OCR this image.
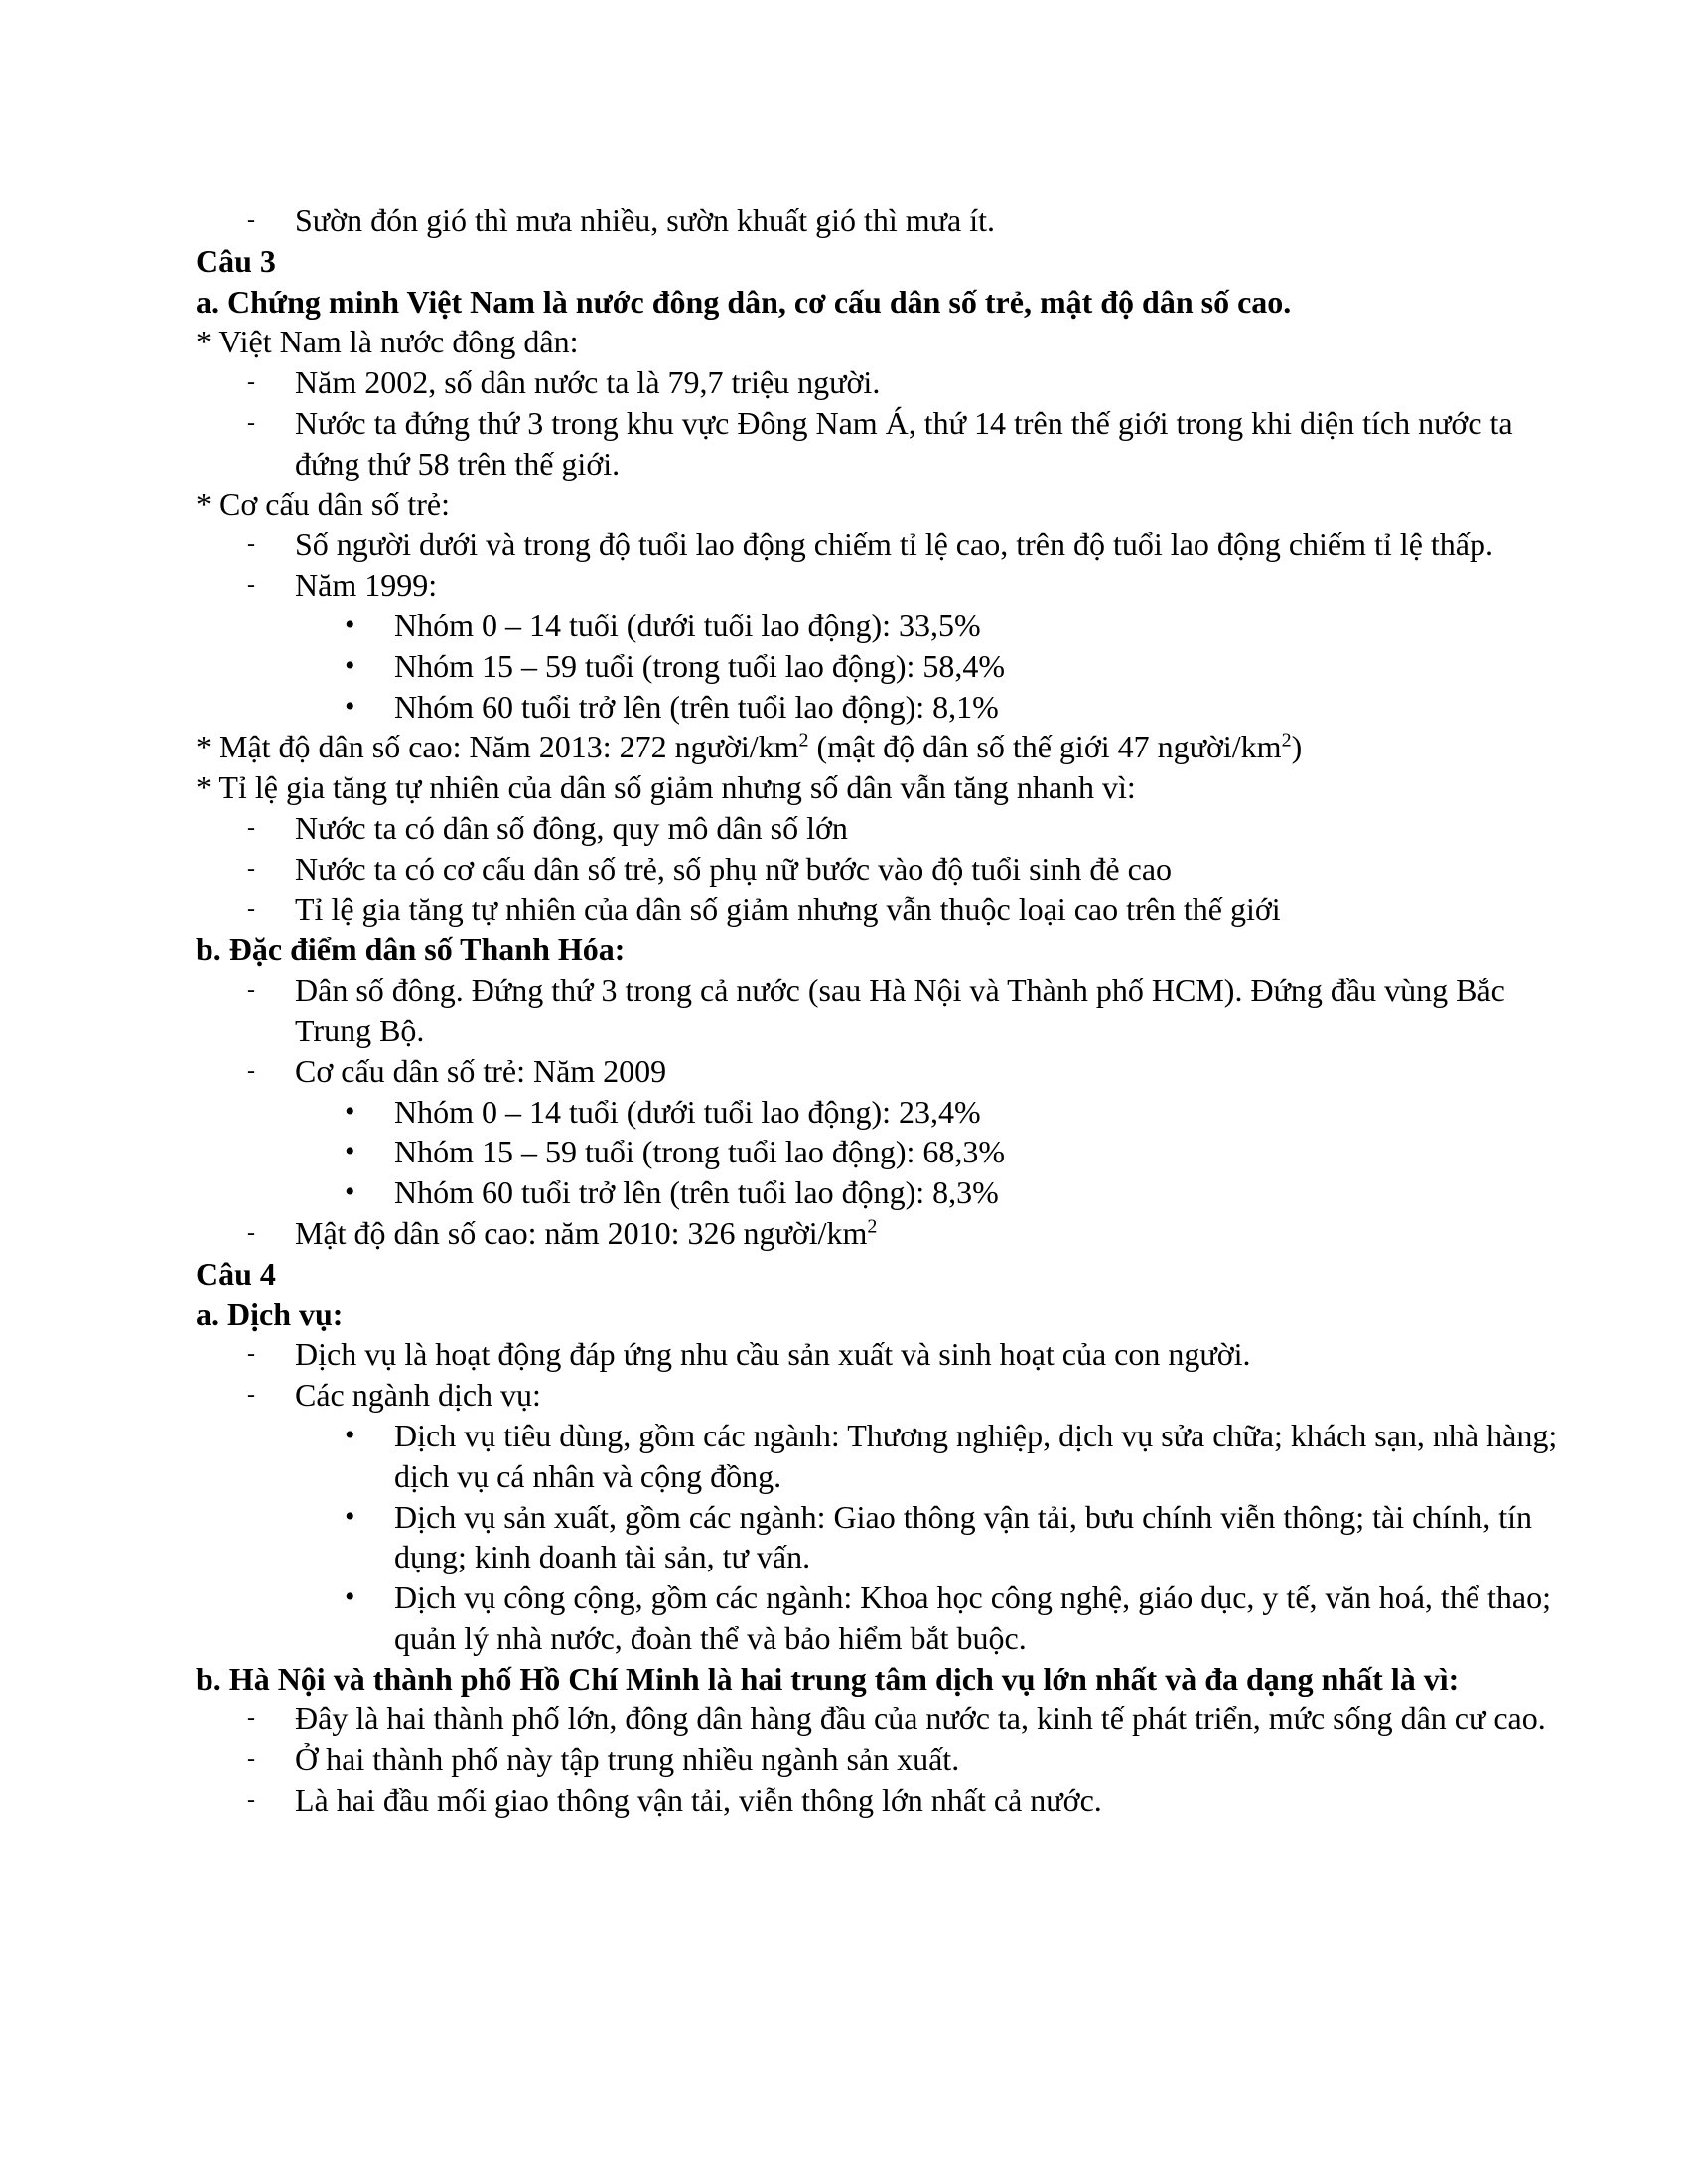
- Sườn đón gió thì mưa nhiều, sườn khuất gió thì mưa ít.

Câu 3

a. Chứng minh Việt Nam là nước đông dân, cơ cấu dân số trẻ, mật độ dân số cao.

* Việt Nam là nước đông dân:

- Năm 2002, số dân nước ta là 79,7 triệu người.

- Nước ta đứng thứ 3 trong khu vực Đông Nam Á, thứ 14 trên thế giới trong khi diện tích nước ta đứng thứ 58 trên thế giới.

* Cơ cấu dân số trẻ:

- Số người dưới và trong độ tuổi lao động chiếm tỉ lệ cao, trên độ tuổi lao động chiếm tỉ lệ thấp.

- Năm 1999:

• Nhóm 0 – 14 tuổi (dưới tuổi lao động): 33,5%

• Nhóm 15 – 59 tuổi (trong tuổi lao động): 58,4%

• Nhóm 60 tuổi trở lên (trên tuổi lao động): 8,1%

* Mật độ dân số cao: Năm 2013: 272 người/$km^2$ (mật độ dân số thế giới 47 người/$km^2$)

* Tỉ lệ gia tăng tự nhiên của dân số giảm nhưng số dân vẫn tăng nhanh vì:

- Nước ta có dân số đông, quy mô dân số lớn

- Nước ta có cơ cấu dân số trẻ, số phụ nữ bước vào độ tuổi sinh đẻ cao

- Tỉ lệ gia tăng tự nhiên của dân số giảm nhưng vẫn thuộc loại cao trên thế giới

b. Đặc điểm dân số Thanh Hóa:

- Dân số đông. Đứng thứ 3 trong cả nước (sau Hà Nội và Thành phố HCM). Đứng đầu vùng Bắc Trung Bộ.

- Cơ cấu dân số trẻ: Năm 2009

• Nhóm 0 – 14 tuổi (dưới tuổi lao động): 23,4%

• Nhóm 15 – 59 tuổi (trong tuổi lao động): 68,3%

• Nhóm 60 tuổi trở lên (trên tuổi lao động): 8,3%

- Mật độ dân số cao: năm 2010: 326 người/$km^2$

Câu 4

a. Dịch vụ:

- Dịch vụ là hoạt động đáp ứng nhu cầu sản xuất và sinh hoạt của con người.

- Các ngành dịch vụ:

• Dịch vụ tiêu dùng, gồm các ngành: Thương nghiệp, dịch vụ sửa chữa; khách sạn, nhà hàng; dịch vụ cá nhân và cộng đồng.

• Dịch vụ sản xuất, gồm các ngành: Giao thông vận tải, bưu chính viễn thông; tài chính, tín dụng; kinh doanh tài sản, tư vấn.

• Dịch vụ công cộng, gồm các ngành: Khoa học công nghệ, giáo dục, y tế, văn hoá, thể thao; quản lý nhà nước, đoàn thể và bảo hiểm bắt buộc.

b. Hà Nội và thành phố Hồ Chí Minh là hai trung tâm dịch vụ lớn nhất và đa dạng nhất là vì:

- Đây là hai thành phố lớn, đông dân hàng đầu của nước ta, kinh tế phát triển, mức sống dân cư cao.

- Ở hai thành phố này tập trung nhiều ngành sản xuất.

- Là hai đầu mối giao thông vận tải, viễn thông lớn nhất cả nước.
